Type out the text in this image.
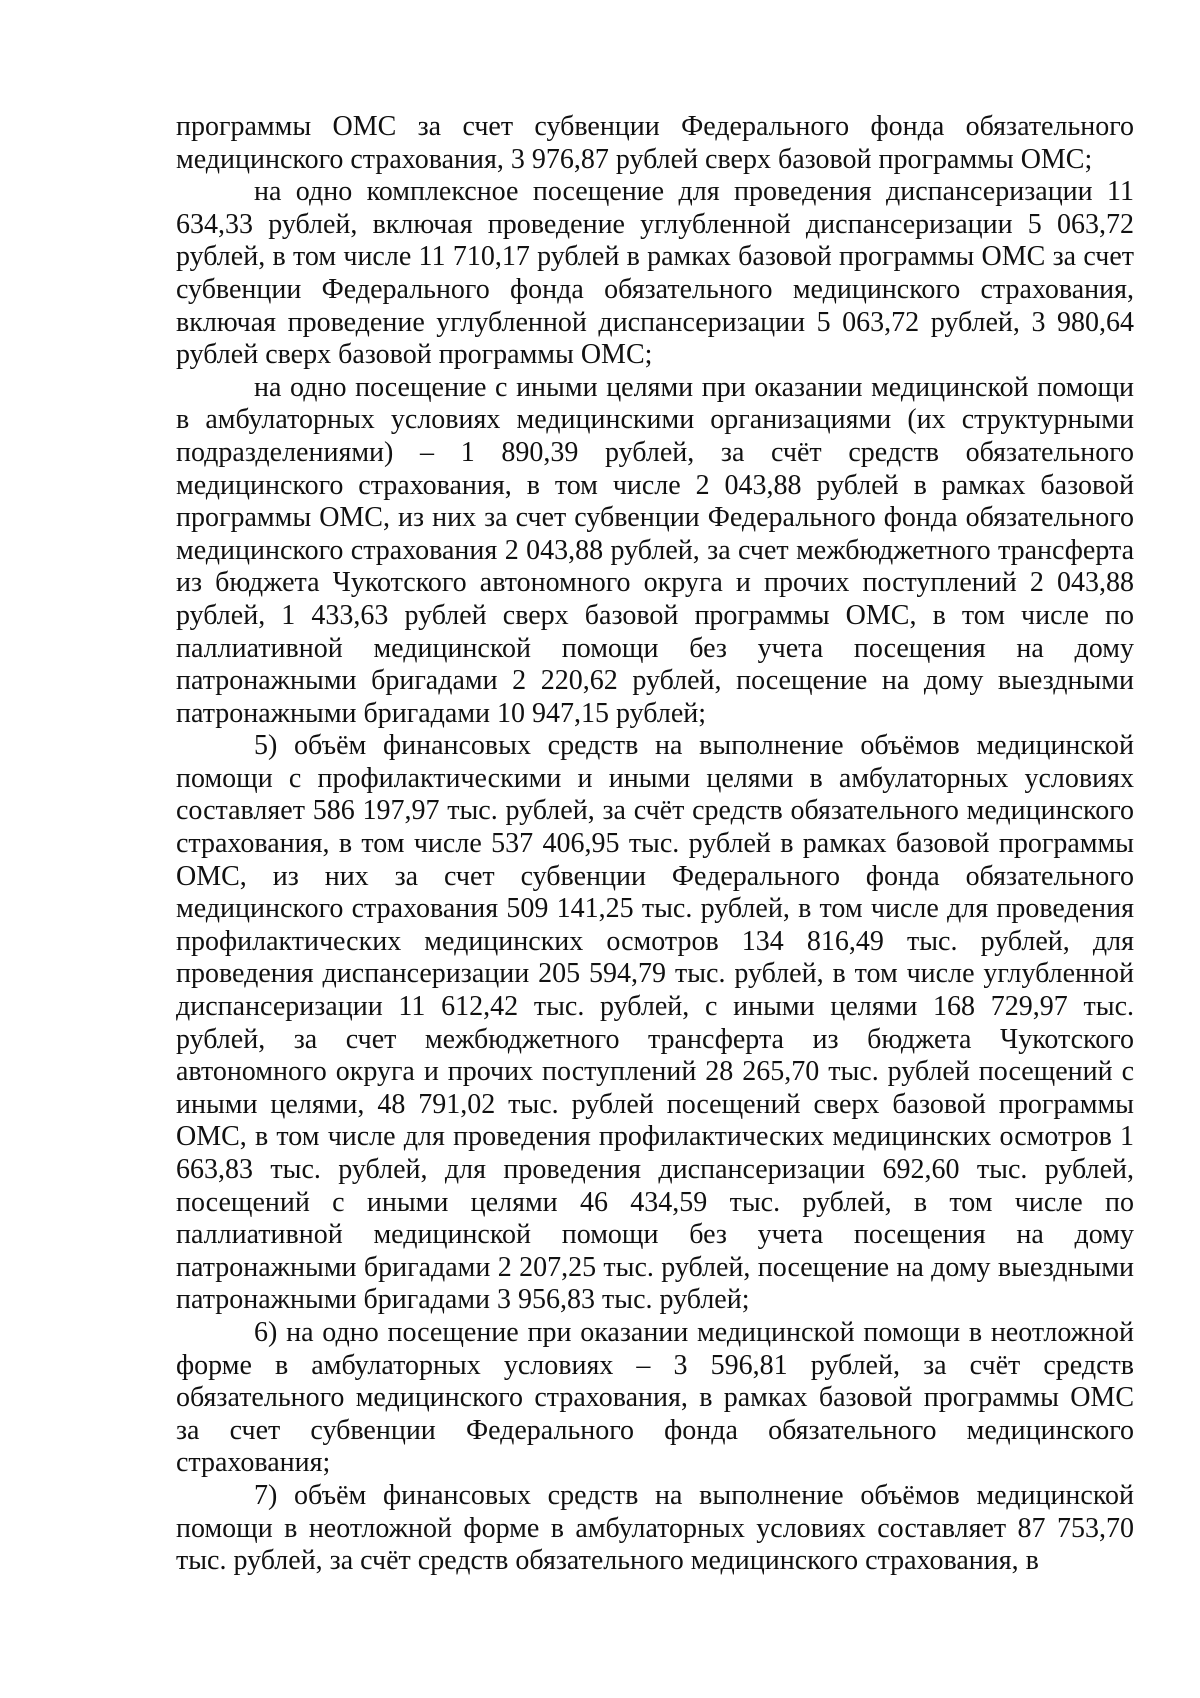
программы ОМС за счет субвенции Федерального фонда обязательного медицинского страхования, 3 976,87 рублей сверх базовой программы ОМС;

на одно комплексное посещение для проведения диспансеризации 11 634,33 рублей, включая проведение углубленной диспансеризации 5 063,72 рублей, в том числе 11 710,17 рублей в рамках базовой программы ОМС за счет субвенции Федерального фонда обязательного медицинского страхования, включая проведение углубленной диспансеризации 5 063,72 рублей, 3 980,64 рублей сверх базовой программы ОМС;

на одно посещение с иными целями при оказании медицинской помощи в амбулаторных условиях медицинскими организациями (их структурными подразделениями) – 1 890,39 рублей, за счёт средств обязательного медицинского страхования, в том числе 2 043,88 рублей в рамках базовой программы ОМС, из них за счет субвенции Федерального фонда обязательного медицинского страхования 2 043,88 рублей, за счет межбюджетного трансферта из бюджета Чукотского автономного округа и прочих поступлений 2 043,88 рублей, 1 433,63 рублей сверх базовой программы ОМС, в том числе по паллиативной медицинской помощи без учета посещения на дому патронажными бригадами 2 220,62 рублей, посещение на дому выездными патронажными бригадами 10 947,15 рублей;

5) объём финансовых средств на выполнение объёмов медицинской помощи с профилактическими и иными целями в амбулаторных условиях составляет 586 197,97 тыс. рублей, за счёт средств обязательного медицинского страхования, в том числе 537 406,95 тыс. рублей в рамках базовой программы ОМС, из них за счет субвенции Федерального фонда обязательного медицинского страхования 509 141,25 тыс. рублей, в том числе для проведения профилактических медицинских осмотров 134 816,49 тыс. рублей, для проведения диспансеризации 205 594,79 тыс. рублей, в том числе углубленной диспансеризации 11 612,42 тыс. рублей, с иными целями 168 729,97 тыс. рублей, за счет межбюджетного трансферта из бюджета Чукотского автономного округа и прочих поступлений 28 265,70 тыс. рублей посещений с иными целями, 48 791,02 тыс. рублей посещений сверх базовой программы ОМС, в том числе для проведения профилактических медицинских осмотров 1 663,83 тыс. рублей, для проведения диспансеризации 692,60 тыс. рублей, посещений с иными целями 46 434,59 тыс. рублей, в том числе по паллиативной медицинской помощи без учета посещения на дому патронажными бригадами 2 207,25 тыс. рублей, посещение на дому выездными патронажными бригадами 3 956,83 тыс. рублей;

6) на одно посещение при оказании медицинской помощи в неотложной форме в амбулаторных условиях – 3 596,81 рублей, за счёт средств обязательного медицинского страхования, в рамках базовой программы ОМС за счет субвенции Федерального фонда обязательного медицинского страхования;

7) объём финансовых средств на выполнение объёмов медицинской помощи в неотложной форме в амбулаторных условиях составляет 87 753,70 тыс. рублей, за счёт средств обязательного медицинского страхования, в
